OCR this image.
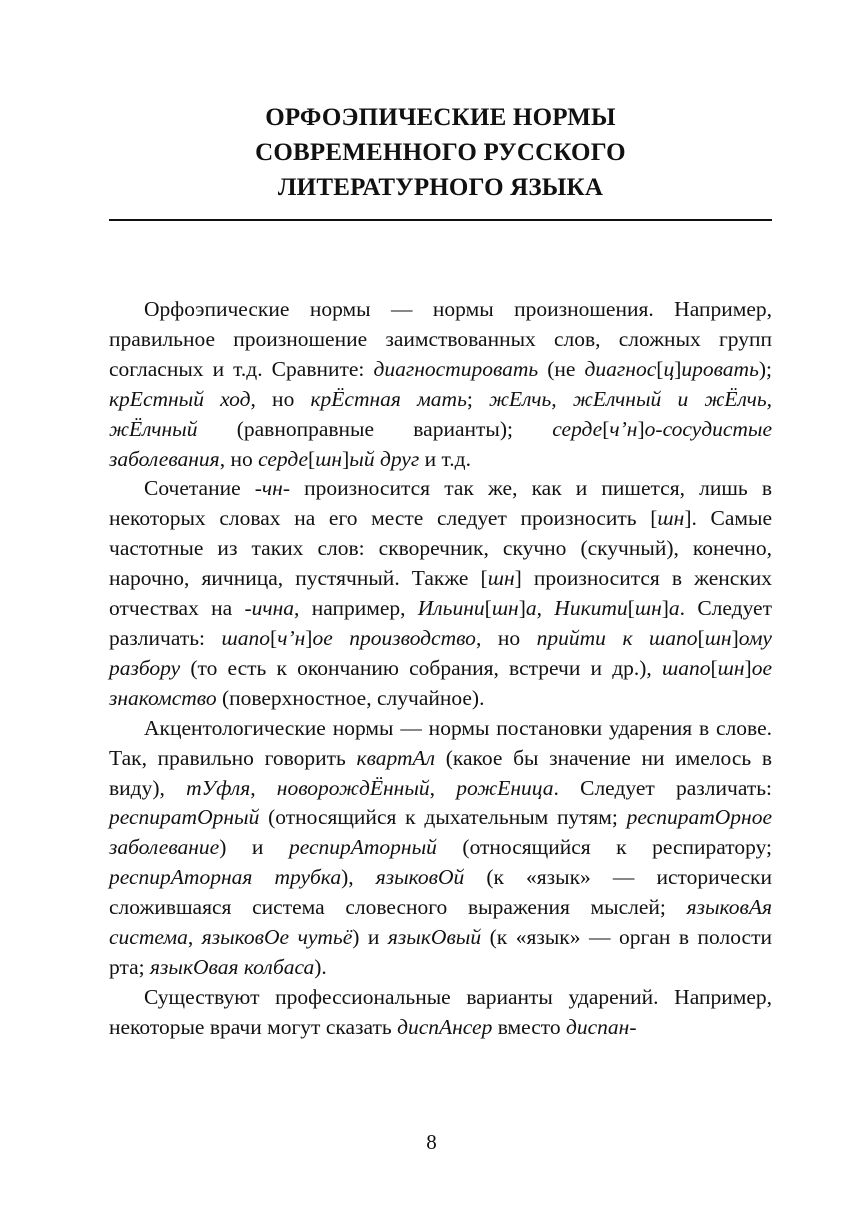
ОРФОЭПИЧЕСКИЕ НОРМЫ
СОВРЕМЕННОГО РУССКОГО
ЛИТЕРАТУРНОГО ЯЗЫКА

Орфоэпические нормы — нормы произношения. Например, правильное произношение заимствованных слов, сложных групп согласных и т.д. Сравните: диагностировать (не диагнос[ц]ировать); крЕстный ход, но крЁстная мать; жЕлчь, жЕлчный и жЁлчь, жЁлчный (равноправные варианты); серде[ч’н]о-сосудистые заболевания, но серде[шн]ый друг и т.д.

Сочетание -чн- произносится так же, как и пишется, лишь в некоторых словах на его месте следует произносить [шн]. Самые частотные из таких слов: скворечник, скучно (скучный), конечно, нарочно, яичница, пустячный. Также [шн] произносится в женских отчествах на -ична, например, Ильини[шн]а, Никити[шн]а. Следует различать: шапо[ч’н]ое производство, но прийти к шапо[шн]ому разбору (то есть к окончанию собрания, встречи и др.), шапо[шн]ое знакомство (поверхностное, случайное).

Акцентологические нормы — нормы постановки ударения в слове. Так, правильно говорить квартАл (какое бы значение ни имелось в виду), тУфля, новорождЁнный, рожЕница. Следует различать: респиратОрный (относящийся к дыхательным путям; респиратОрное заболевание) и респирАторный (относящийся к респиратору; респирАторная трубка), языковОй (к «язык» — исторически сложившаяся система словесного выражения мыслей; языковАя система, языковОе чутьё) и языкОвый (к «язык» — орган в полости рта; языкОвая колбаса).

Существуют профессиональные варианты ударений. Например, некоторые врачи могут сказать диспАнсер вместо диспан-

8
